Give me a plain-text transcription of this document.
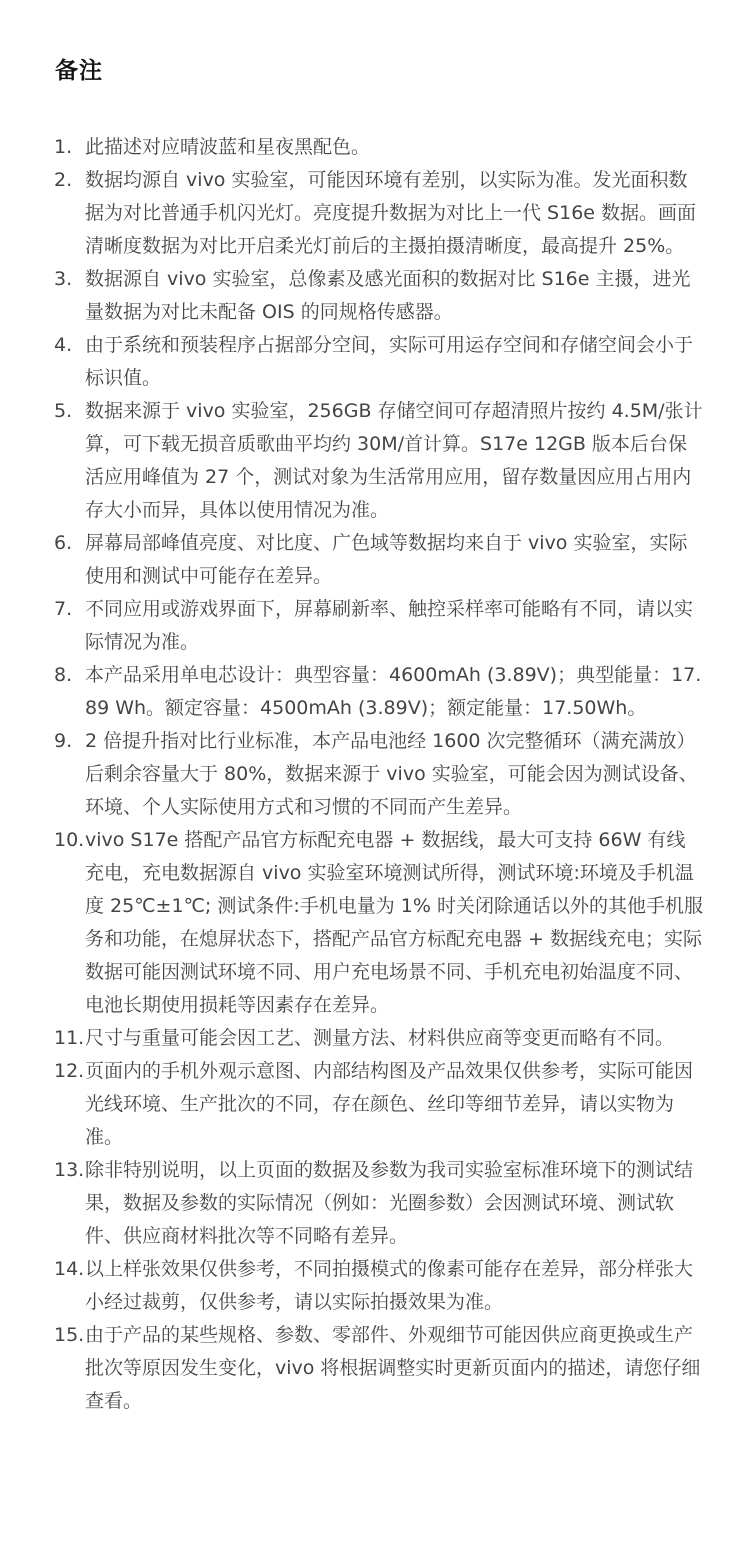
备注
1. 此描述对应晴波蓝和星夜黑配色。
2. 数据均源自 vivo 实验室，可能因环境有差别，以实际为准。发光面积数据为对比普通手机闪光灯。亮度提升数据为对比上一代 S16e 数据。画面清晰度数据为对比开启柔光灯前后的主摄拍摄清晰度，最高提升 25%。
3. 数据源自 vivo 实验室，总像素及感光面积的数据对比 S16e 主摄，进光量数据为对比未配备 OIS 的同规格传感器。
4. 由于系统和预装程序占据部分空间，实际可用运存空间和存储空间会小于标识值。
5. 数据来源于 vivo 实验室，256GB 存储空间可存超清照片按约 4.5M/张计算，可下载无损音质歌曲平均约 30M/首计算。S17e 12GB 版本后台保活应用峰值为 27 个，测试对象为生活常用应用，留存数量因应用占用内存大小而异，具体以使用情况为准。
6. 屏幕局部峰值亮度、对比度、广色域等数据均来自于 vivo 实验室，实际使用和测试中可能存在差异。
7. 不同应用或游戏界面下，屏幕刷新率、触控采样率可能略有不同，请以实际情况为准。
8. 本产品采用单电芯设计：典型容量：4600mAh (3.89V)；典型能量：17.89 Wh。额定容量：4500mAh (3.89V)；额定能量：17.50Wh。
9. 2 倍提升指对比行业标准，本产品电池经 1600 次完整循环（满充满放）后剩余容量大于 80%，数据来源于 vivo 实验室，可能会因为测试设备、环境、个人实际使用方式和习惯的不同而产生差异。
10. vivo S17e 搭配产品官方标配充电器 + 数据线，最大可支持 66W 有线充电，充电数据源自 vivo 实验室环境测试所得，测试环境:环境及手机温度 25℃±1℃; 测试条件:手机电量为 1% 时关闭除通话以外的其他手机服务和功能，在熄屏状态下，搭配产品官方标配充电器 + 数据线充电；实际数据可能因测试环境不同、用户充电场景不同、手机充电初始温度不同、电池长期使用损耗等因素存在差异。
11. 尺寸与重量可能会因工艺、测量方法、材料供应商等变更而略有不同。
12. 页面内的手机外观示意图、内部结构图及产品效果仅供参考，实际可能因光线环境、生产批次的不同，存在颜色、丝印等细节差异，请以实物为准。
13. 除非特别说明，以上页面的数据及参数为我司实验室标准环境下的测试结果，数据及参数的实际情况（例如：光圈参数）会因测试环境、测试软件、供应商材料批次等不同略有差异。
14. 以上样张效果仅供参考，不同拍摄模式的像素可能存在差异，部分样张大小经过裁剪，仅供参考，请以实际拍摄效果为准。
15. 由于产品的某些规格、参数、零部件、外观细节可能因供应商更换或生产批次等原因发生变化，vivo 将根据调整实时更新页面内的描述，请您仔细查看。
